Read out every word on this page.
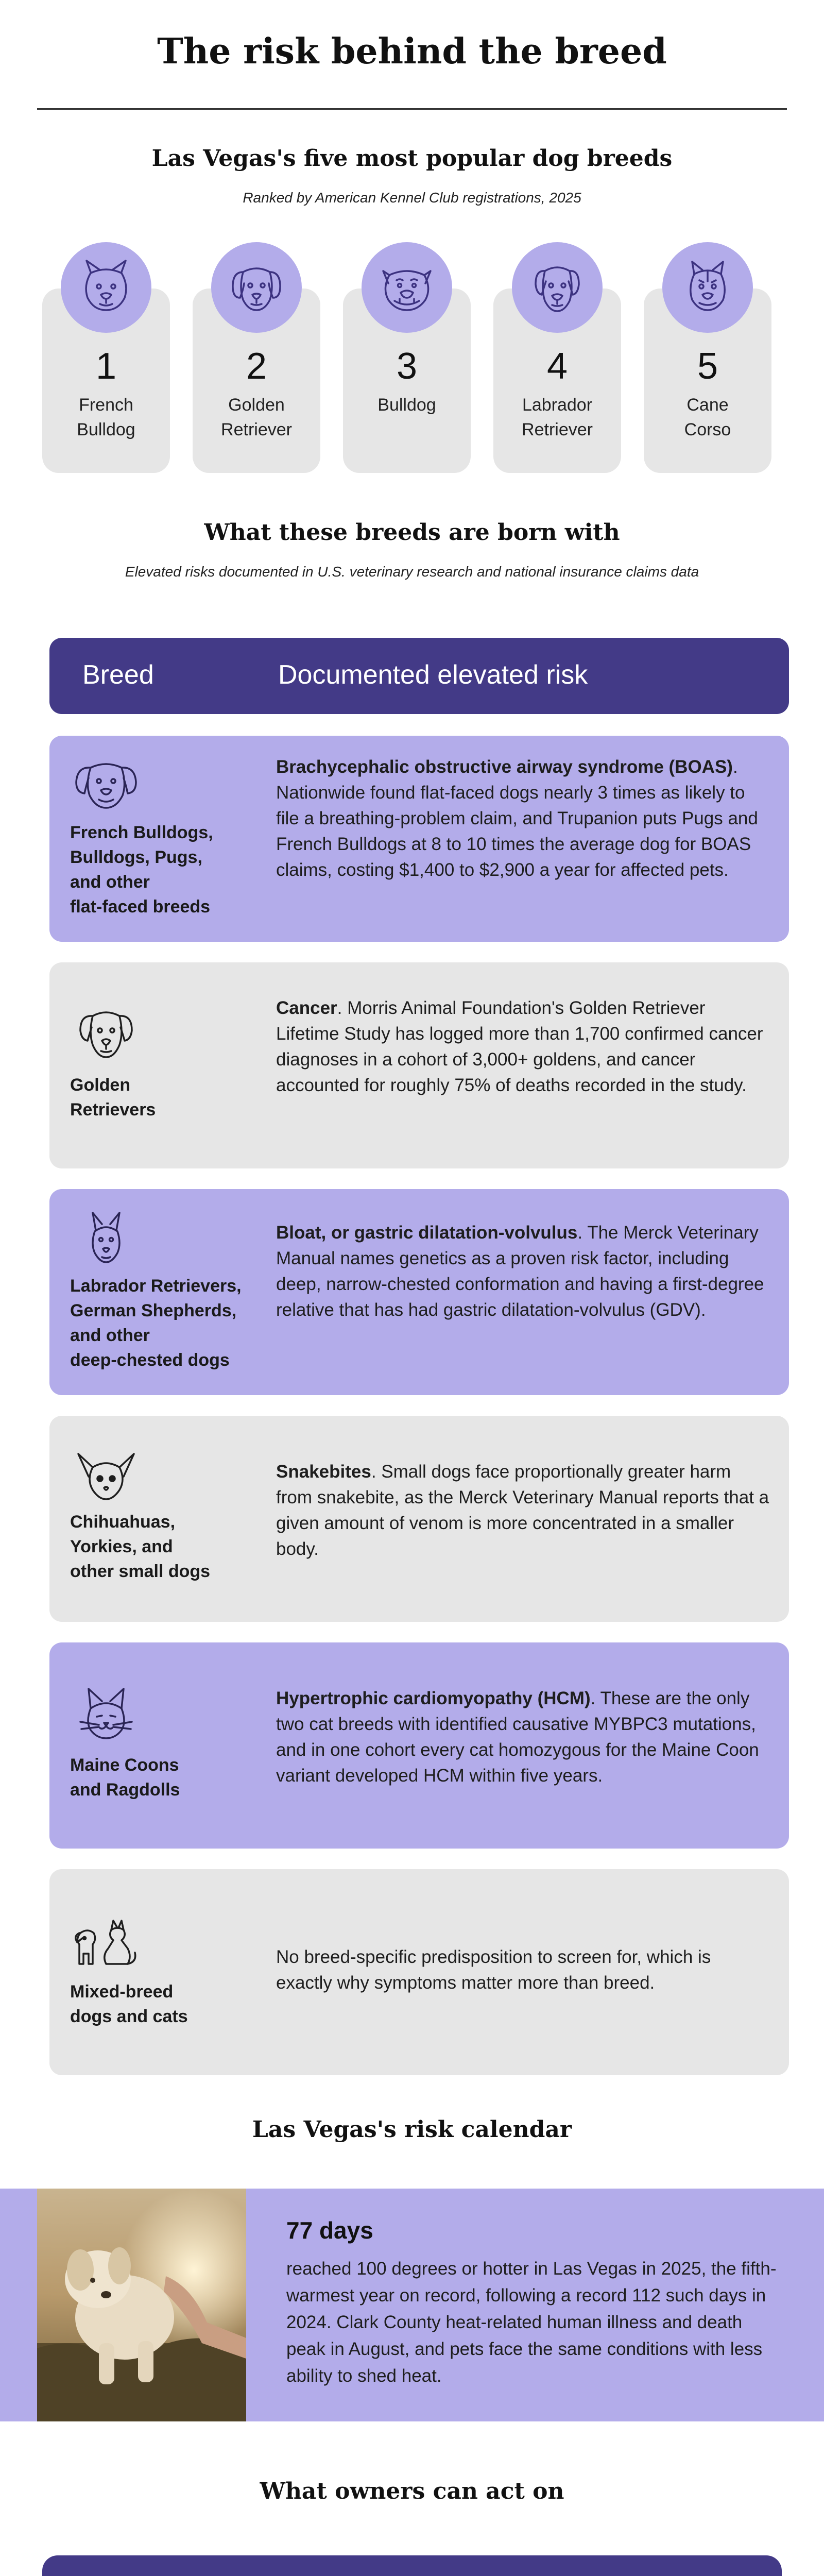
The risk behind the breed
Las Vegas's five most popular dog breeds
Ranked by American Kennel Club registrations, 2025
1
French
Bulldog
2
Golden
Retriever
3
Bulldog

4
Labrador
Retriever
5
Cane
Corso
What these breeds are born with
Elevated risks documented in U.S. veterinary research and national insurance claims data
Breed	Documented elevated risk
French Bulldogs,
Bulldogs, Pugs,
and other
flat-faced breeds
Brachycephalic obstructive airway syndrome (BOAS). Nationwide found flat-faced dogs nearly 3 times as likely to file a breathing-problem claim, and Trupanion puts Pugs and French Bulldogs at 8 to 10 times the average dog for BOAS claims, costing $1,400 to $2,900 a year for affected pets.
Golden
Retrievers
Cancer. Morris Animal Foundation's Golden Retriever Lifetime Study has logged more than 1,700 confirmed cancer diagnoses in a cohort of 3,000+ goldens, and cancer accounted for roughly 75% of deaths recorded in the study.
Labrador Retrievers,
German Shepherds,
and other
deep-chested dogs
Bloat, or gastric dilatation-volvulus. The Merck Veterinary Manual names genetics as a proven risk factor, including deep, narrow-chested conformation and having a first-degree relative that has had gastric dilatation-volvulus (GDV).
Chihuahuas,
Yorkies, and
other small dogs
Snakebites. Small dogs face proportionally greater harm from snakebite, as the Merck Veterinary Manual reports that a given amount of venom is more concentrated in a smaller body.
Maine Coons
and Ragdolls
Hypertrophic cardiomyopathy (HCM). These are the only two cat breeds with identified causative MYBPC3 mutations, and in one cohort every cat homozygous for the Maine Coon variant developed HCM within five years.
Mixed-breed
dogs and cats
No breed-specific predisposition to screen for, which is exactly why symptoms matter more than breed.
Las Vegas's risk calendar
77 days
reached 100 degrees or hotter in Las Vegas in 2025, the fifth-warmest year on record, following a record 112 such days in 2024. Clark County heat-related human illness and death peak in August, and pets face the same conditions with less ability to shed heat.
What owners can act on
